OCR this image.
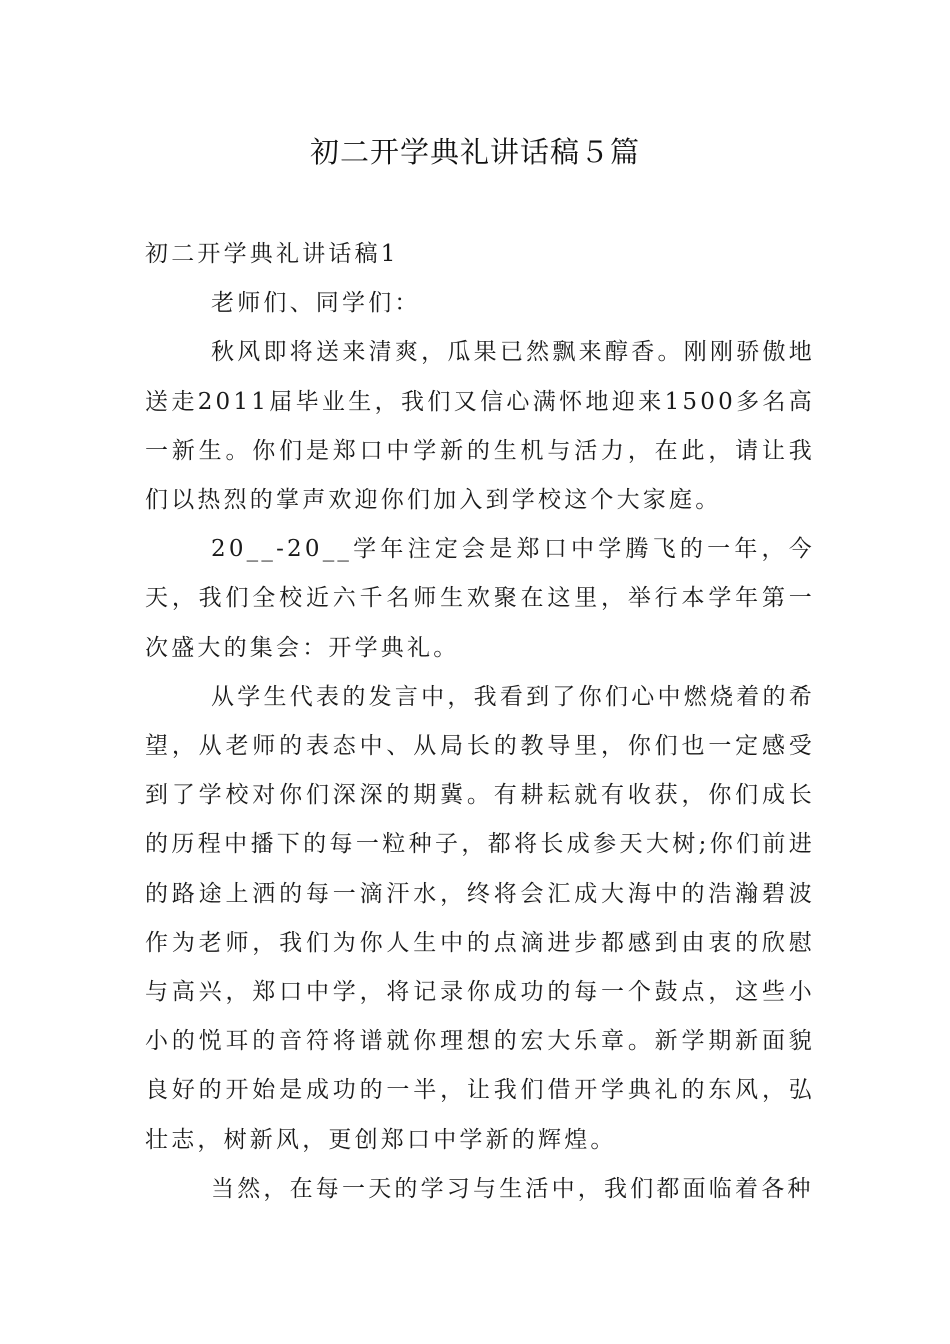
初二开学典礼讲话稿５篇

初二开学典礼讲话稿1

老师们、同学们：

秋风即将送来清爽，瓜果已然飘来醇香。刚刚骄傲地送走2011届毕业生，我们又信心满怀地迎来1500多名高一新生。你们是郑口中学新的生机与活力，在此，请让我们以热烈的掌声欢迎你们加入到学校这个大家庭。

20__-20__学年注定会是郑口中学腾飞的一年，今天，我们全校近六千名师生欢聚在这里，举行本学年第一次盛大的集会：开学典礼。

从学生代表的发言中，我看到了你们心中燃烧着的希望，从老师的表态中、从局长的教导里，你们也一定感受到了学校对你们深深的期冀。有耕耘就有收获，你们成长的历程中播下的每一粒种子，都将长成参天大树;你们前进的路途上洒的每一滴汗水，终将会汇成大海中的浩瀚碧波作为老师，我们为你人生中的点滴进步都感到由衷的欣慰与高兴，郑口中学，将记录你成功的每一个鼓点，这些小小的悦耳的音符将谱就你理想的宏大乐章。新学期新面貌良好的开始是成功的一半，让我们借开学典礼的东风，弘壮志，树新风，更创郑口中学新的辉煌。

当然，在每一天的学习与生活中，我们都面临着各种
